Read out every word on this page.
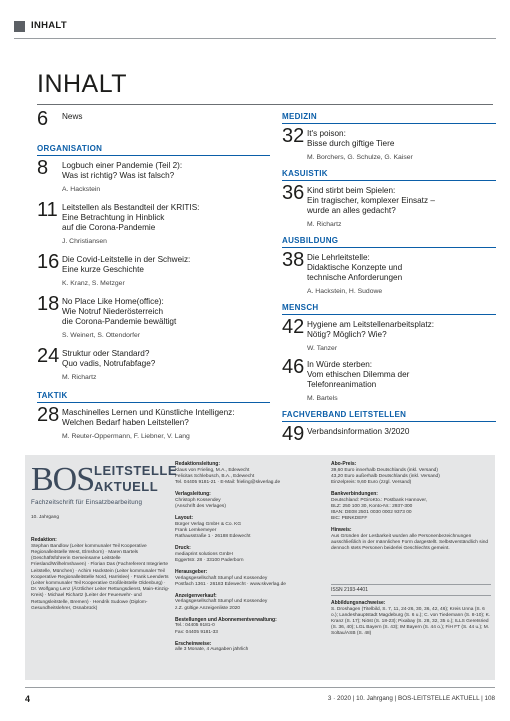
INHALT
INHALT
6 News
ORGANISATION
8 Logbuch einer Pandemie (Teil 2):
Was ist richtig? Was ist falsch?
A. Hackstein
11 Leitstellen als Bestandteil der KRITIS:
Eine Betrachtung in Hinblick
auf die Corona-Pandemie
J. Christiansen
16 Die Covid-Leitstelle in der Schweiz:
Eine kurze Geschichte
K. Kranz, S. Metzger
18 No Place Like Home(office):
Wie Notruf Niederösterreich
die Corona-Pandemie bewältigt
S. Weinert, S. Ottendorfer
24 Struktur oder Standard?
Quo vadis, Notrufabfage?
M. Richartz
TAKTIK
28 Maschinelles Lernen und Künstliche Intelligenz:
Welchen Bedarf haben Leitstellen?
M. Reuter-Oppermann, F. Liebner, V. Lang
MEDIZIN
32 It's poison:
Bisse durch giftige Tiere
M. Borchers, G. Schulze, G. Kaiser
KASUISTIK
36 Kind stirbt beim Spielen:
Ein tragischer, komplexer Einsatz –
wurde an alles gedacht?
M. Richartz
AUSBILDUNG
38 Die Lehrleitstelle:
Didaktische Konzepte und
technische Anforderungen
A. Hackstein, H. Sudowe
MENSCH
42 Hygiene am Leitstellenarbeitsplatz:
Nötig? Möglich? Wie?
W. Tanzer
46 In Würde sterben:
Vom ethischen Dilemma der
Telefonreanimation
M. Bartels
FACHVERBAND LEITSTELLEN
49 Verbandsinformation 3/2020
BOS LEITSTELLE
AKTUELL
Fachzeitschrift für Einsatzbearbeitung
10. Jahrgang
Redaktion:
Stephan Bandlow (Leiter kommunaler Teil Kooperative Regionalleitstelle West, Elmshorn) · Maren Bartels (Geschäftsführerin Gemeinsame Leitstelle Friesland/Wilhelmshaven) · Florian Das (Fachreferent Integrierte Leitstelle, München) · Achim Hackstein (Leiter kommunaler Teil Kooperative Regionalleitstelle Nord, Harrislee) · Frank Leenderts (Leiter kommunaler Teil Kooperative Großleitstelle Oldenburg) · Dr. Wolfgang Lenz (Ärztlicher Leiter Rettungsdienst, Main-Kinzig-Kreis) · Michael Richartz (Leiter der Feuerwehr- und Rettungsleitstelle, Bremen) · Hendrik Sudowe (Diplom-Gesundheitslehrer, Osnabrück)
Redaktionsleitung:
Klaus von Frieling, M.A., Edewecht
Felicitas Schlebusch, B.A., Edewecht
Tel. 04405 9181-21 · E-Mail: frieling@skverlag.de
Verlagsleitung:
Christoph Kossendey
(Anschrift des Verlages)
Layout:
Bürger Verlag GmbH & Co. KG
Frank Lemkemeyer
Rathausstraße 1 · 26188 Edewecht
Druck:
mediaprint solutions GmbH
Eggertstr. 28 · 33100 Paderborn
Herausgeber:
Verlagsgesellschaft Stumpf und Kossendey
Postfach 1361 · 26183 Edewecht · www.skverlag.de
Anzeigenverkauf:
Verlagsgesellschaft Stumpf und Kossendey
z.Z. gültige Anzeigenliste 2020
Bestellungen und Abonnementverwaltung:
Tel.: 04405 9181-0
Fax: 04405 9181-33
Erscheinweise:
alle 3 Monate, 4 Ausgaben jährlich
Abo-Preis:
39,60 Euro innerhalb Deutschlands (inkl. Versand)
43,20 Euro außerhalb Deutschlands (inkl. Versand)
Einzelpreis: 9,60 Euro (zzgl. Versand)
Bankverbindungen:
Deutschland: PGiroKto.: Postbank Hannover,
BLZ: 250 100 30, Konto-Nr.: 2937-300
IBAN: DE08 2501 0030 0002 9373 00
BIC: PBNKDEFF
Hinweis:
Aus Gründen der Lesbarkeit wurden alle Personenbezeichnungen ausschließlich in der männlichen Form dargestellt. Selbstverständlich sind dennoch stets Personen beiderlei Geschlechts gemeint.
ISSN 2193-4401
Abbildungsnachweise:
S. Droshagen (Titelbild, S. 7, 11, 24-26, 30, 36, 42, 46); Kreis Unna (S. 6 o.); Landeshauptstadt Magdeburg (S. 6 u.); C. von Tiedemann (S. 8-10); K. Kranz (S. 17); Niöst (S. 18-23); Pixabay (S. 28, 32, 35 o.); ILLS Geretsried (S. 36, 40); LGL Bayern (S. 43); IM Bayern (S. 44 o.); FiH FT (S. 44 u.); M. Soltau/ASB (S. 48)
4	3 · 2020 | 10. Jahrgang | BOS-LEITSTELLE AKTUELL | 108
